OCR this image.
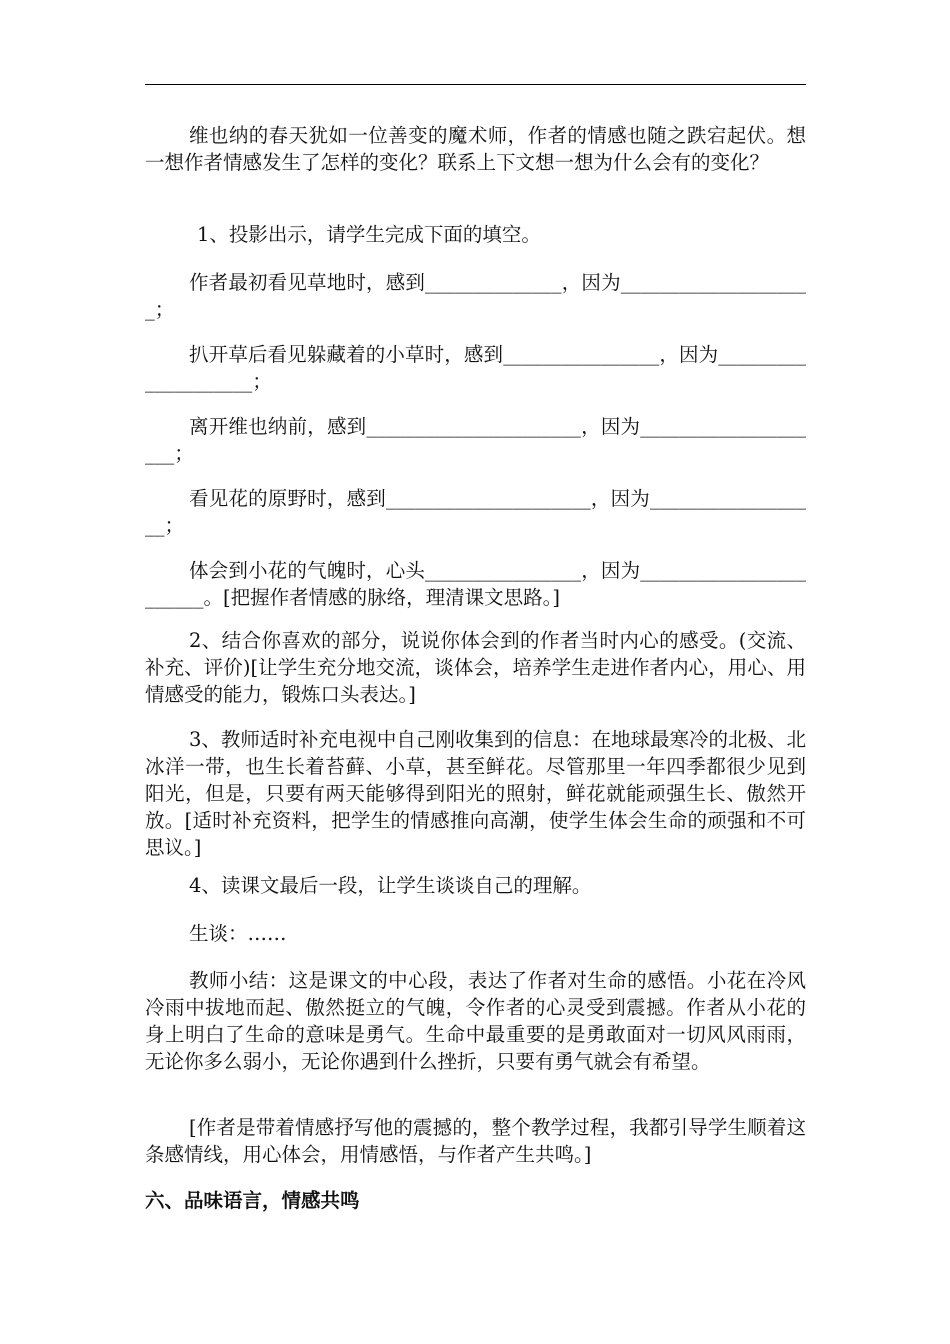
维也纳的春天犹如一位善变的魔术师，作者的情感也随之跌宕起伏。想一想作者情感发生了怎样的变化？联系上下文想一想为什么会有的变化？
1、投影出示，请学生完成下面的填空。
作者最初看见草地时，感到______________，因为____________________；
扒开草后看见躲藏着的小草时，感到________________，因为____________________；
离开维也纳前，感到______________________，因为____________________；
看见花的原野时，感到_____________________，因为__________________；
体会到小花的气魄时，心头________________，因为_______________________。[把握作者情感的脉络，理清课文思路。]
2、结合你喜欢的部分，说说你体会到的作者当时内心的感受。(交流、补充、评价)[让学生充分地交流，谈体会，培养学生走进作者内心，用心、用情感受的能力，锻炼口头表达。]
3、教师适时补充电视中自己刚收集到的信息：在地球最寒冷的北极、北冰洋一带，也生长着苔藓、小草，甚至鲜花。尽管那里一年四季都很少见到阳光，但是，只要有两天能够得到阳光的照射，鲜花就能顽强生长、傲然开放。[适时补充资料，把学生的情感推向高潮，使学生体会生命的顽强和不可思议。]
4、读课文最后一段，让学生谈谈自己的理解。
生谈：……
教师小结：这是课文的中心段，表达了作者对生命的感悟。小花在冷风冷雨中拔地而起、傲然挺立的气魄，令作者的心灵受到震撼。作者从小花的身上明白了生命的意味是勇气。生命中最重要的是勇敢面对一切风风雨雨，无论你多么弱小，无论你遇到什么挫折，只要有勇气就会有希望。
[作者是带着情感抒写他的震撼的，整个教学过程，我都引导学生顺着这条感情线，用心体会，用情感悟，与作者产生共鸣。]
六、品味语言，情感共鸣
